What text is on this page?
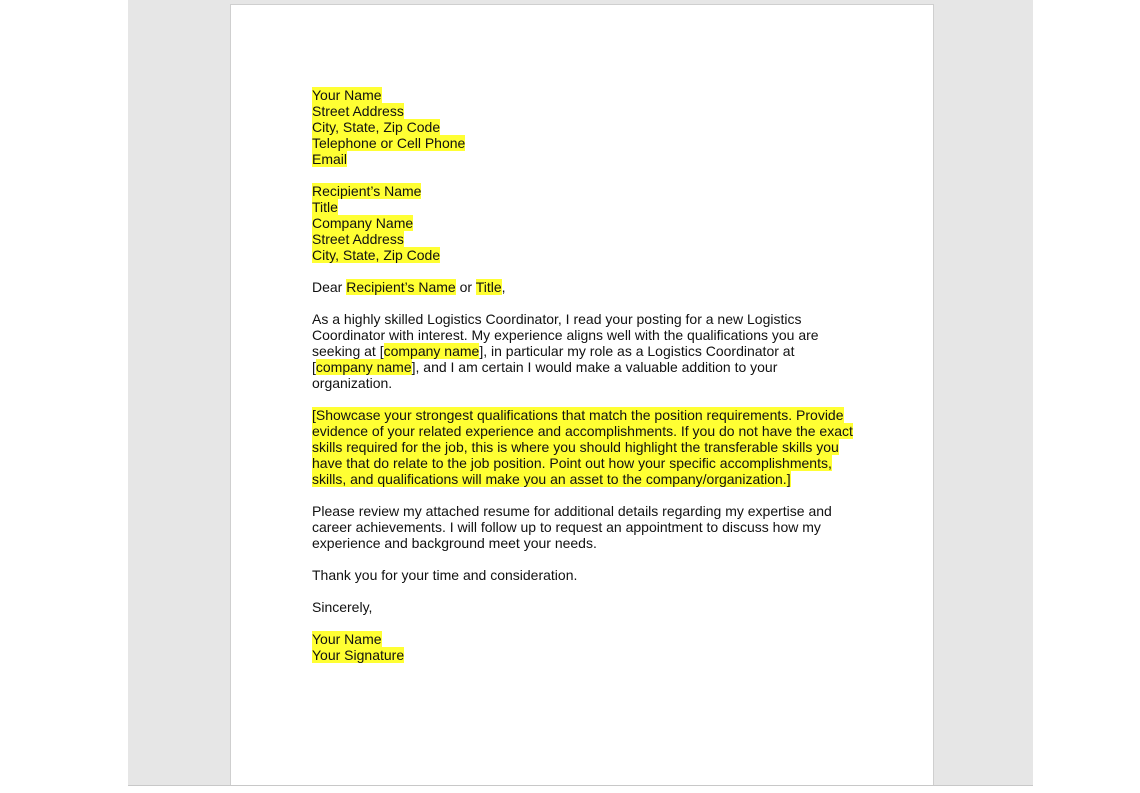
Your Name
Street Address
City, State, Zip Code
Telephone or Cell Phone
Email
Recipient’s Name
Title
Company Name
Street Address
City, State, Zip Code
Dear Recipient’s Name or Title,
As a highly skilled Logistics Coordinator, I read your posting for a new Logistics
Coordinator with interest. My experience aligns well with the qualifications you are
seeking at [company name], in particular my role as a Logistics Coordinator at
[company name], and I am certain I would make a valuable addition to your
organization.
[Showcase your strongest qualifications that match the position requirements. Provide
evidence of your related experience and accomplishments. If you do not have the exact
skills required for the job, this is where you should highlight the transferable skills you
have that do relate to the job position. Point out how your specific accomplishments,
skills, and qualifications will make you an asset to the company/organization.]
Please review my attached resume for additional details regarding my expertise and
career achievements. I will follow up to request an appointment to discuss how my
experience and background meet your needs.
Thank you for your time and consideration.
Sincerely,
Your Name
Your Signature
